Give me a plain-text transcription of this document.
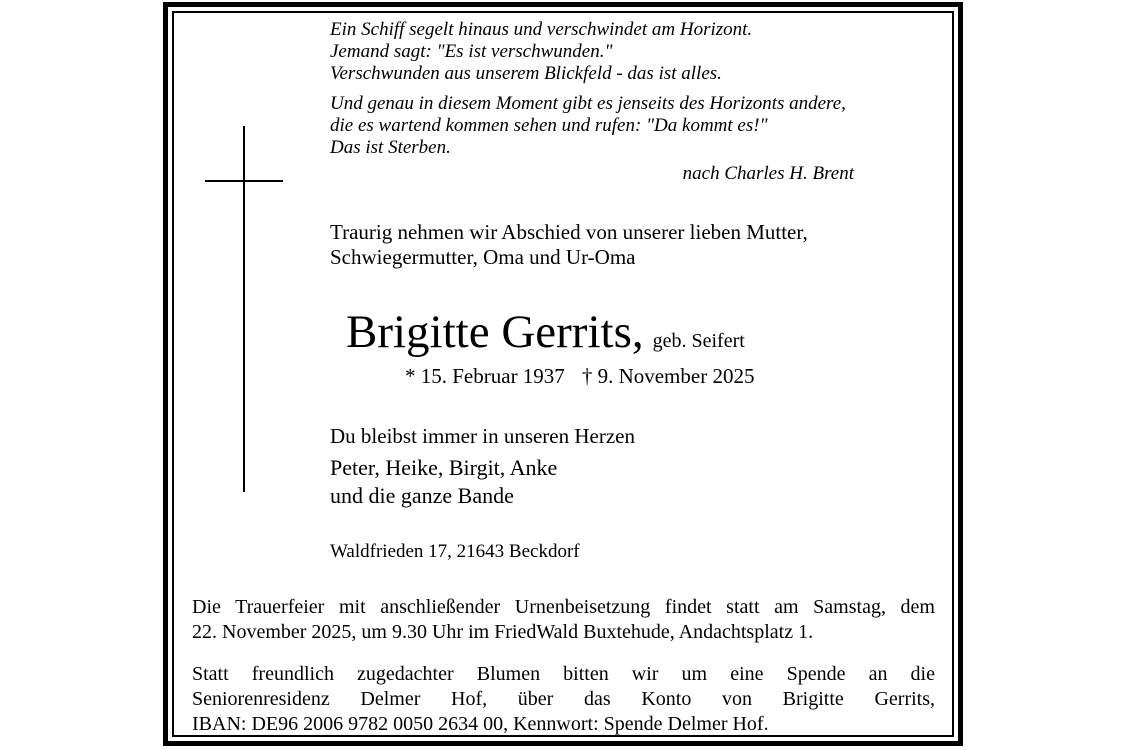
Ein Schiff segelt hinaus und verschwindet am Horizont.
Jemand sagt: "Es ist verschwunden."
Verschwunden aus unserem Blickfeld - das ist alles.
Und genau in diesem Moment gibt es jenseits des Horizonts andere,
die es wartend kommen sehen und rufen: "Da kommt es!"
Das ist Sterben.
nach Charles H. Brent
Traurig nehmen wir Abschied von unserer lieben Mutter,
Schwiegermutter, Oma und Ur-Oma
Brigitte Gerrits, geb. Seifert
* 15. Februar 1937 † 9. November 2025
Du bleibst immer in unseren Herzen
Peter, Heike, Birgit, Anke
und die ganze Bande
Waldfrieden 17, 21643 Beckdorf
Die Trauerfeier mit anschließender Urnenbeisetzung findet statt am Samstag, dem
22. November 2025, um 9.30 Uhr im FriedWald Buxtehude, Andachtsplatz 1.
Statt freundlich zugedachter Blumen bitten wir um eine Spende an die
Seniorenresidenz Delmer Hof, über das Konto von Brigitte Gerrits,
IBAN: DE96 2006 9782 0050 2634 00, Kennwort: Spende Delmer Hof.
